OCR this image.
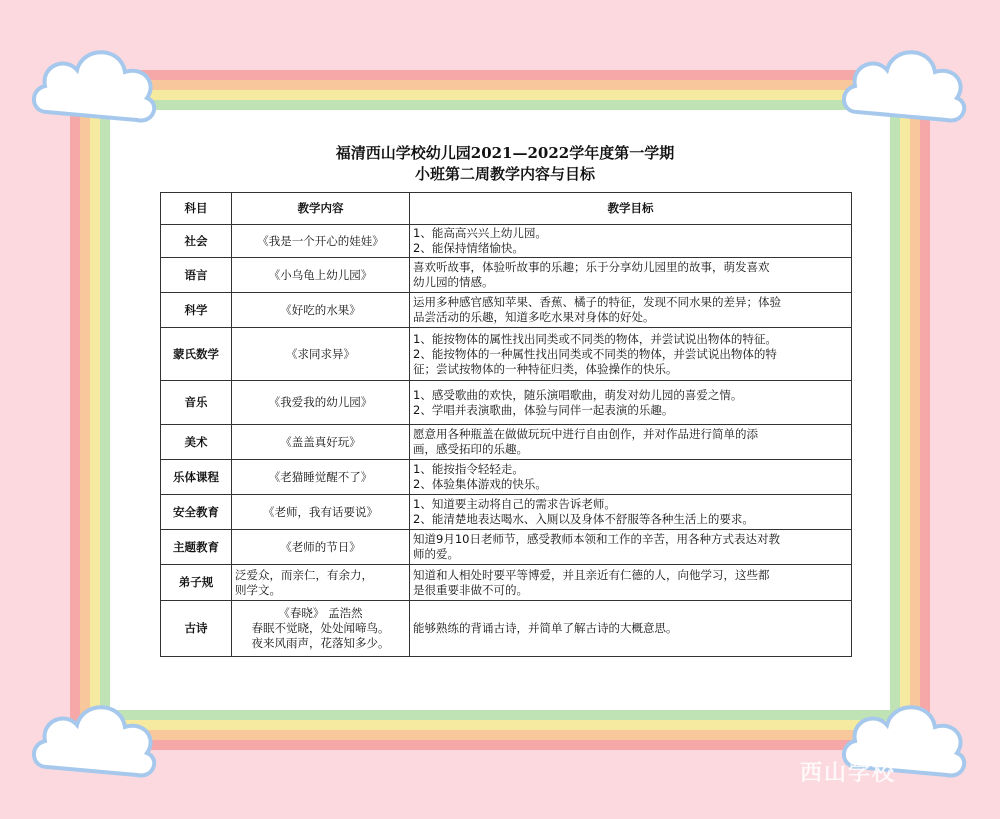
福清西山学校幼儿园2021—2022学年度第一学期
小班第二周教学内容与目标
科目	教学内容	教学目标
社会	《我是一个开心的娃娃》	1、能高高兴兴上幼儿园。
2、能保持情绪愉快。

语言	《小乌龟上幼儿园》	喜欢听故事，体验听故事的乐趣；乐于分享幼儿园里的故事，萌发喜欢
幼儿园的情感。

科学	《好吃的水果》	运用多种感官感知苹果、香蕉、橘子的特征，发现不同水果的差异；体验
品尝活动的乐趣，知道多吃水果对身体的好处。

蒙氏数学	《求同求异》	1、能按物体的属性找出同类或不同类的物体，并尝试说出物体的特征。
2、能按物体的一种属性找出同类或不同类的物体，并尝试说出物体的特
征；尝试按物体的一种特征归类，体验操作的快乐。

音乐	《我爱我的幼儿园》	1、感受歌曲的欢快，随乐演唱歌曲，萌发对幼儿园的喜爱之情。
2、学唱并表演歌曲，体验与同伴一起表演的乐趣。

美术	《盖盖真好玩》	愿意用各种瓶盖在做做玩玩中进行自由创作，并对作品进行简单的添
画，感受拓印的乐趣。

乐体课程	《老猫睡觉醒不了》	1、能按指令轻轻走。
2、体验集体游戏的快乐。

安全教育	《老师，我有话要说》	1、知道要主动将自己的需求告诉老师。
2、能清楚地表达喝水、入厕以及身体不舒服等各种生活上的要求。

主题教育	《老师的节日》	知道9月10日老师节，感受教师本领和工作的辛苦，用各种方式表达对教
师的爱。

弟子规	泛爱众，而亲仁，有余力，
则学文。	知道和人相处时要平等博爱，并且亲近有仁德的人，向他学习，这些都
是很重要非做不可的。

古诗	《春晓》 孟浩然
春眠不觉晓，处处闻啼鸟。
夜来风雨声，花落知多少。	能够熟练的背诵古诗，并简单了解古诗的大概意思。
西山学校
